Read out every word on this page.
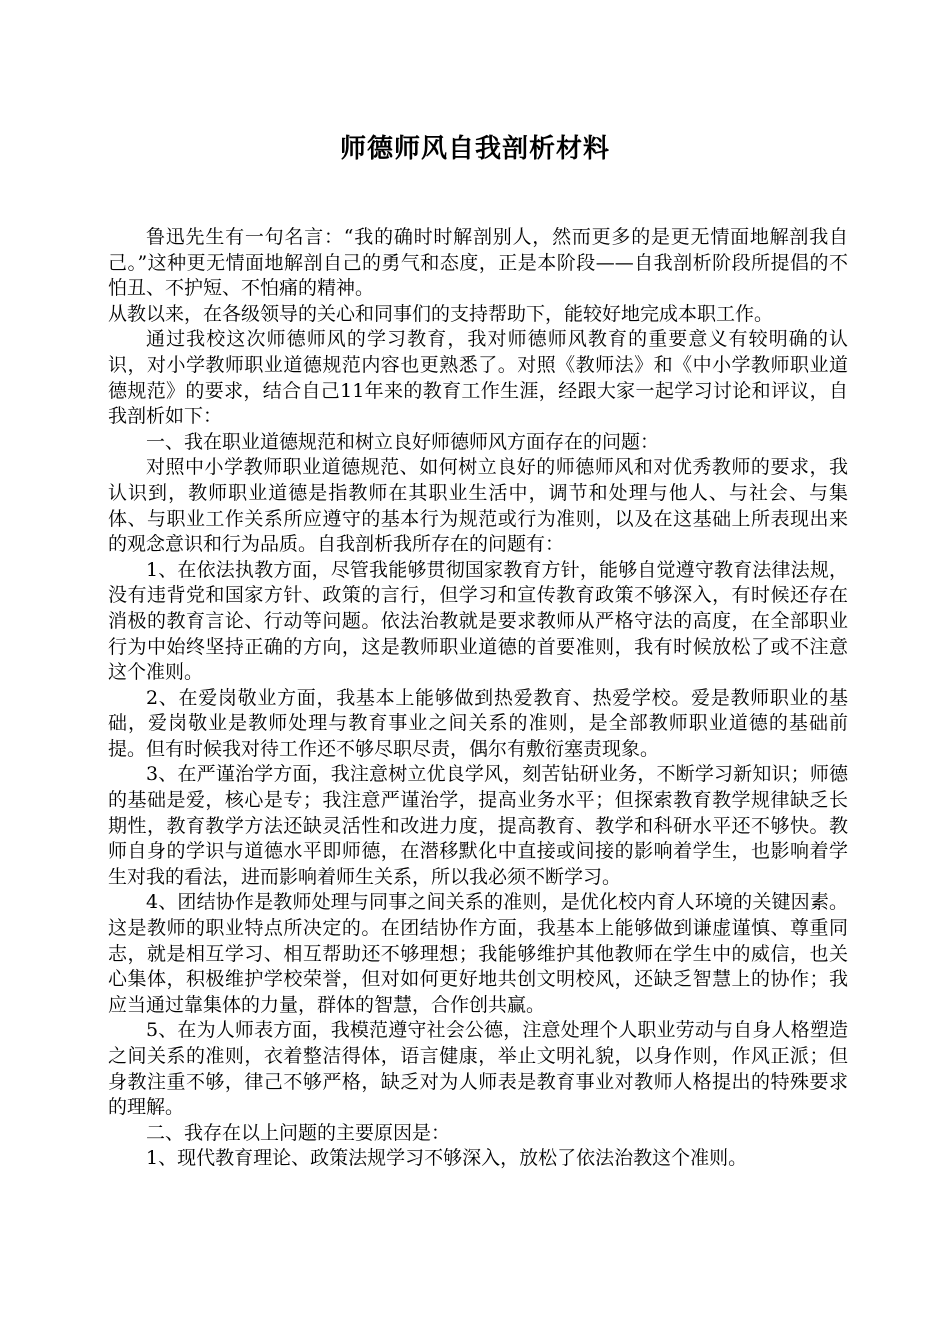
师德师风自我剖析材料

鲁迅先生有一句名言：“我的确时时解剖别人，然而更多的是更无情面地解剖我自己。”这种更无情面地解剖自己的勇气和态度，正是本阶段——自我剖析阶段所提倡的不怕丑、不护短、不怕痛的精神。

从教以来，在各级领导的关心和同事们的支持帮助下，能较好地完成本职工作。

通过我校这次师德师风的学习教育，我对师德师风教育的重要意义有较明确的认识，对小学教师职业道德规范内容也更熟悉了。对照《教师法》和《中小学教师职业道德规范》的要求，结合自己11年来的教育工作生涯，经跟大家一起学习讨论和评议，自我剖析如下：

一、我在职业道德规范和树立良好师德师风方面存在的问题：

对照中小学教师职业道德规范、如何树立良好的师德师风和对优秀教师的要求，我认识到，教师职业道德是指教师在其职业生活中，调节和处理与他人、与社会、与集体、与职业工作关系所应遵守的基本行为规范或行为准则，以及在这基础上所表现出来的观念意识和行为品质。自我剖析我所存在的问题有：

1、在依法执教方面，尽管我能够贯彻国家教育方针，能够自觉遵守教育法律法规，没有违背党和国家方针、政策的言行，但学习和宣传教育政策不够深入，有时候还存在消极的教育言论、行动等问题。依法治教就是要求教师从严格守法的高度，在全部职业行为中始终坚持正确的方向，这是教师职业道德的首要准则，我有时候放松了或不注意这个准则。

2、在爱岗敬业方面，我基本上能够做到热爱教育、热爱学校。爱是教师职业的基础，爱岗敬业是教师处理与教育事业之间关系的准则，是全部教师职业道德的基础前提。但有时候我对待工作还不够尽职尽责，偶尔有敷衍塞责现象。

3、在严谨治学方面，我注意树立优良学风，刻苦钻研业务，不断学习新知识；师德的基础是爱，核心是专；我注意严谨治学，提高业务水平；但探索教育教学规律缺乏长期性，教育教学方法还缺灵活性和改进力度，提高教育、教学和科研水平还不够快。教师自身的学识与道德水平即师德，在潜移默化中直接或间接的影响着学生，也影响着学生对我的看法，进而影响着师生关系，所以我必须不断学习。

4、团结协作是教师处理与同事之间关系的准则，是优化校内育人环境的关键因素。这是教师的职业特点所决定的。在团结协作方面，我基本上能够做到谦虚谨慎、尊重同志，就是相互学习、相互帮助还不够理想；我能够维护其他教师在学生中的威信，也关心集体，积极维护学校荣誉，但对如何更好地共创文明校风，还缺乏智慧上的协作；我应当通过靠集体的力量，群体的智慧，合作创共赢。

5、在为人师表方面，我模范遵守社会公德，注意处理个人职业劳动与自身人格塑造之间关系的准则，衣着整洁得体，语言健康，举止文明礼貌，以身作则，作风正派；但身教注重不够，律己不够严格，缺乏对为人师表是教育事业对教师人格提出的特殊要求的理解。

二、我存在以上问题的主要原因是：

1、现代教育理论、政策法规学习不够深入，放松了依法治教这个准则。
